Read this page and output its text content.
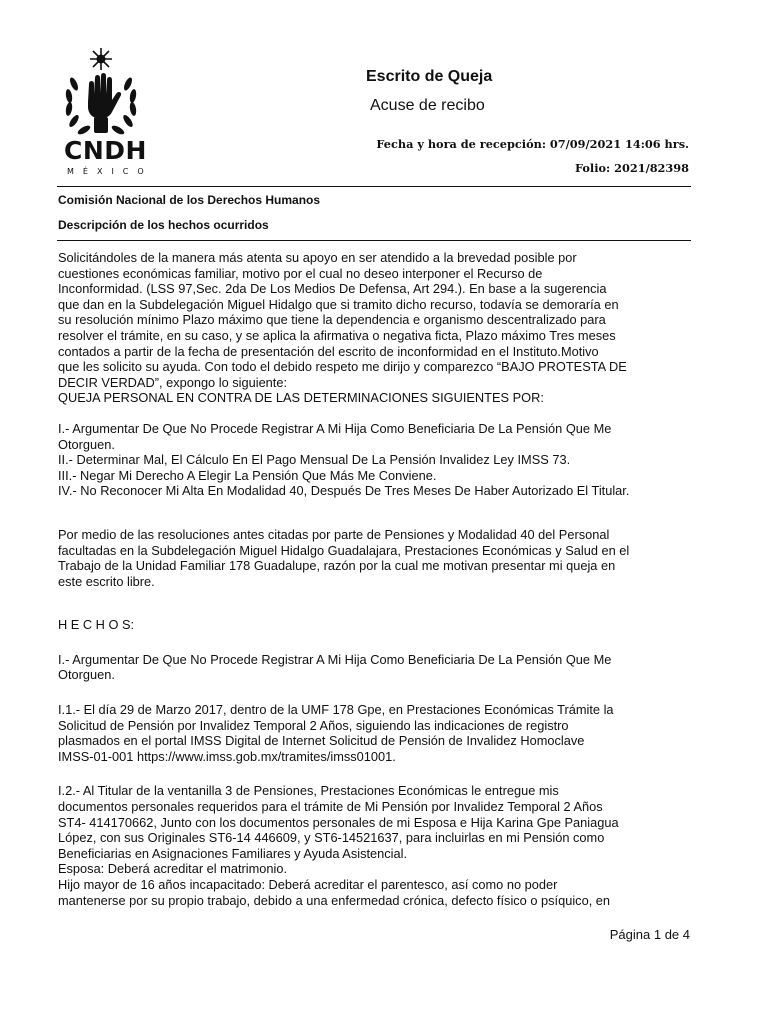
CNDH
MÉXICO
Escrito de Queja
Acuse de recibo
Fecha y hora de recepción: 07/09/2021 14:06 hrs.
Folio: 2021/82398
Comisión Nacional de los Derechos Humanos
Descripción de los hechos ocurridos

Solicitándoles de la manera más atenta su apoyo en ser atendido a la brevedad posible por
cuestiones económicas familiar, motivo por el cual no deseo interponer el Recurso de
Inconformidad. (LSS 97,Sec. 2da De Los Medios De Defensa, Art 294.). En base a la sugerencia
que dan en la Subdelegación Miguel Hidalgo que si tramito dicho recurso, todavía se demoraría en
su resolución mínimo Plazo máximo que tiene la dependencia e organismo descentralizado para
resolver el trámite, en su caso, y se aplica la afirmativa o negativa ficta, Plazo máximo Tres meses
contados a partir de la fecha de presentación del escrito de inconformidad en el Instituto.Motivo
que les solicito su ayuda. Con todo el debido respeto me dirijo y comparezco “BAJO PROTESTA DE
DECIR VERDAD”, expongo lo siguiente:
QUEJA PERSONAL EN CONTRA DE LAS DETERMINACIONES SIGUIENTES POR:

I.- Argumentar De Que No Procede Registrar A Mi Hija Como Beneficiaria De La Pensión Que Me
Otorguen.

II.- Determinar Mal, El Cálculo En El Pago Mensual De La Pensión Invalidez Ley IMSS 73.

III.- Negar Mi Derecho A Elegir La Pensión Que Más Me Conviene.

IV.- No Reconocer Mi Alta En Modalidad 40, Después De Tres Meses De Haber Autorizado El Titular.

Por medio de las resoluciones antes citadas por parte de Pensiones y Modalidad 40 del Personal
facultadas en la Subdelegación Miguel Hidalgo Guadalajara, Prestaciones Económicas y Salud en el
Trabajo de la Unidad Familiar 178 Guadalupe, razón por la cual me motivan presentar mi queja en
este escrito libre.

H E C H O S:

I.- Argumentar De Que No Procede Registrar A Mi Hija Como Beneficiaria De La Pensión Que Me
Otorguen.

I.1.- El día 29 de Marzo 2017, dentro de la UMF 178 Gpe, en Prestaciones Económicas Trámite la
Solicitud de Pensión por Invalidez Temporal 2 Años, siguiendo las indicaciones de registro
plasmados en el portal IMSS Digital de Internet Solicitud de Pensión de Invalidez Homoclave
IMSS-01-001 https://www.imss.gob.mx/tramites/imss01001.

I.2.- Al Titular de la ventanilla 3 de Pensiones, Prestaciones Económicas le entregue mis
documentos personales requeridos para el trámite de Mi Pensión por Invalidez Temporal 2 Años
ST4- 414170662, Junto con los documentos personales de mi Esposa e Hija Karina Gpe Paniagua
López, con sus Originales ST6-14 446609, y ST6-14521637, para incluirlas en mi Pensión como
Beneficiarias en Asignaciones Familiares y Ayuda Asistencial.
Esposa: Deberá acreditar el matrimonio.
Hijo mayor de 16 años incapacitado: Deberá acreditar el parentesco, así como no poder
mantenerse por su propio trabajo, debido a una enfermedad crónica, defecto físico o psíquico, en

Página 1 de 4
